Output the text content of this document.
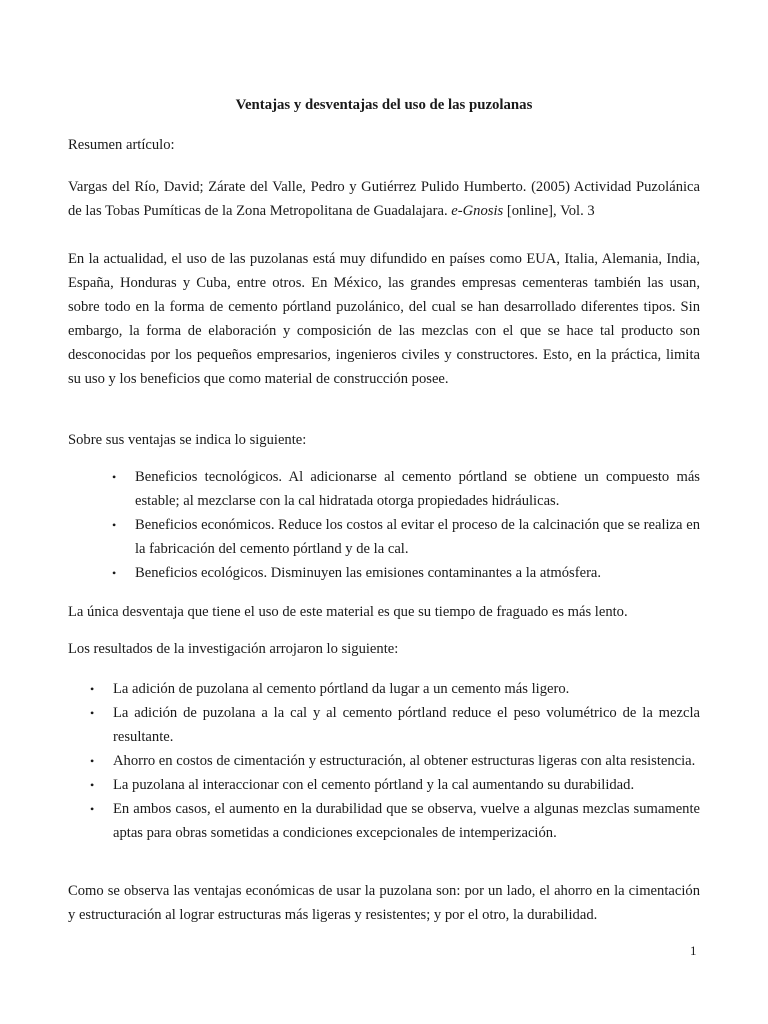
Ventajas y desventajas del uso de las puzolanas

Resumen artículo:

Vargas del Río, David; Zárate del Valle, Pedro y Gutiérrez Pulido Humberto. (2005) Actividad Puzolánica de las Tobas Pumíticas de la Zona Metropolitana de Guadalajara. e-Gnosis [online], Vol. 3

En la actualidad, el uso de las puzolanas está muy difundido en países como EUA, Italia, Alemania, India, España, Honduras y Cuba, entre otros. En México, las grandes empresas cementeras también las usan, sobre todo en la forma de cemento pórtland puzolánico, del cual se han desarrollado diferentes tipos. Sin embargo, la forma de elaboración y composición de las mezclas con el que se hace tal producto son desconocidas por los pequeños empresarios, ingenieros civiles y constructores. Esto, en la práctica, limita su uso y los beneficios que como material de construcción posee.

Sobre sus ventajas se indica lo siguiente:

• Beneficios tecnológicos. Al adicionarse al cemento pórtland se obtiene un compuesto más estable; al mezclarse con la cal hidratada otorga propiedades hidráulicas.
• Beneficios económicos. Reduce los costos al evitar el proceso de la calcinación que se realiza en la fabricación del cemento pórtland y de la cal.
• Beneficios ecológicos. Disminuyen las emisiones contaminantes a la atmósfera.

La única desventaja que tiene el uso de este material es que su tiempo de fraguado es más lento.

Los resultados de la investigación arrojaron lo siguiente:

• La adición de puzolana al cemento pórtland da lugar a un cemento más ligero.
• La adición de puzolana a la cal y al cemento pórtland reduce el peso volumétrico de la mezcla resultante.
• Ahorro en costos de cimentación y estructuración, al obtener estructuras ligeras con alta resistencia.
• La puzolana al interaccionar con el cemento pórtland y la cal aumentando su durabilidad.
• En ambos casos, el aumento en la durabilidad que se observa, vuelve a algunas mezclas sumamente aptas para obras sometidas a condiciones excepcionales de intemperización.

Como se observa las ventajas económicas de usar la puzolana son: por un lado, el ahorro en la cimentación y estructuración al lograr estructuras más ligeras y resistentes; y por el otro, la durabilidad.

1
